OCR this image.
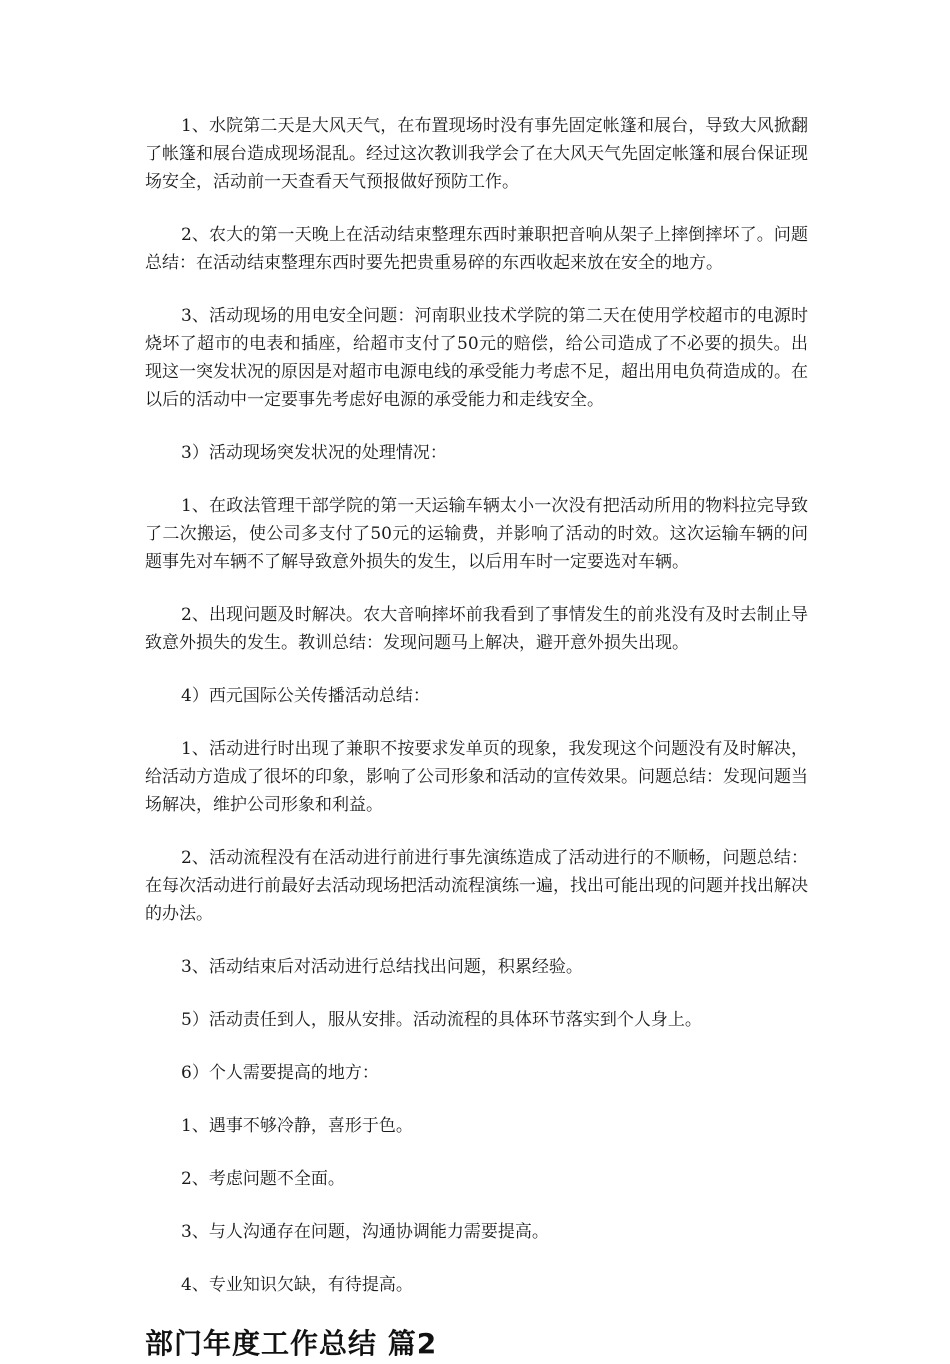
1、水院第二天是大风天气，在布置现场时没有事先固定帐篷和展台，导致大风掀翻了帐篷和展台造成现场混乱。经过这次教训我学会了在大风天气先固定帐篷和展台保证现场安全，活动前一天查看天气预报做好预防工作。

2、农大的第一天晚上在活动结束整理东西时兼职把音响从架子上摔倒摔坏了。问题总结：在活动结束整理东西时要先把贵重易碎的东西收起来放在安全的地方。

3、活动现场的用电安全问题：河南职业技术学院的第二天在使用学校超市的电源时烧坏了超市的电表和插座，给超市支付了50元的赔偿，给公司造成了不必要的损失。出现这一突发状况的原因是对超市电源电线的承受能力考虑不足，超出用电负荷造成的。在以后的活动中一定要事先考虑好电源的承受能力和走线安全。

3）活动现场突发状况的处理情况：

1、在政法管理干部学院的第一天运输车辆太小一次没有把活动所用的物料拉完导致了二次搬运，使公司多支付了50元的运输费，并影响了活动的时效。这次运输车辆的问题事先对车辆不了解导致意外损失的发生，以后用车时一定要选对车辆。

2、出现问题及时解决。农大音响摔坏前我看到了事情发生的前兆没有及时去制止导致意外损失的发生。教训总结：发现问题马上解决，避开意外损失出现。

4）西元国际公关传播活动总结：

1、活动进行时出现了兼职不按要求发单页的现象，我发现这个问题没有及时解决，给活动方造成了很坏的印象，影响了公司形象和活动的宣传效果。问题总结：发现问题当场解决，维护公司形象和利益。

2、活动流程没有在活动进行前进行事先演练造成了活动进行的不顺畅，问题总结：在每次活动进行前最好去活动现场把活动流程演练一遍，找出可能出现的问题并找出解决的办法。

3、活动结束后对活动进行总结找出问题，积累经验。

5）活动责任到人，服从安排。活动流程的具体环节落实到个人身上。

6）个人需要提高的地方：

1、遇事不够冷静，喜形于色。

2、考虑问题不全面。

3、与人沟通存在问题，沟通协调能力需要提高。

4、专业知识欠缺，有待提高。

部门年度工作总结 篇2
